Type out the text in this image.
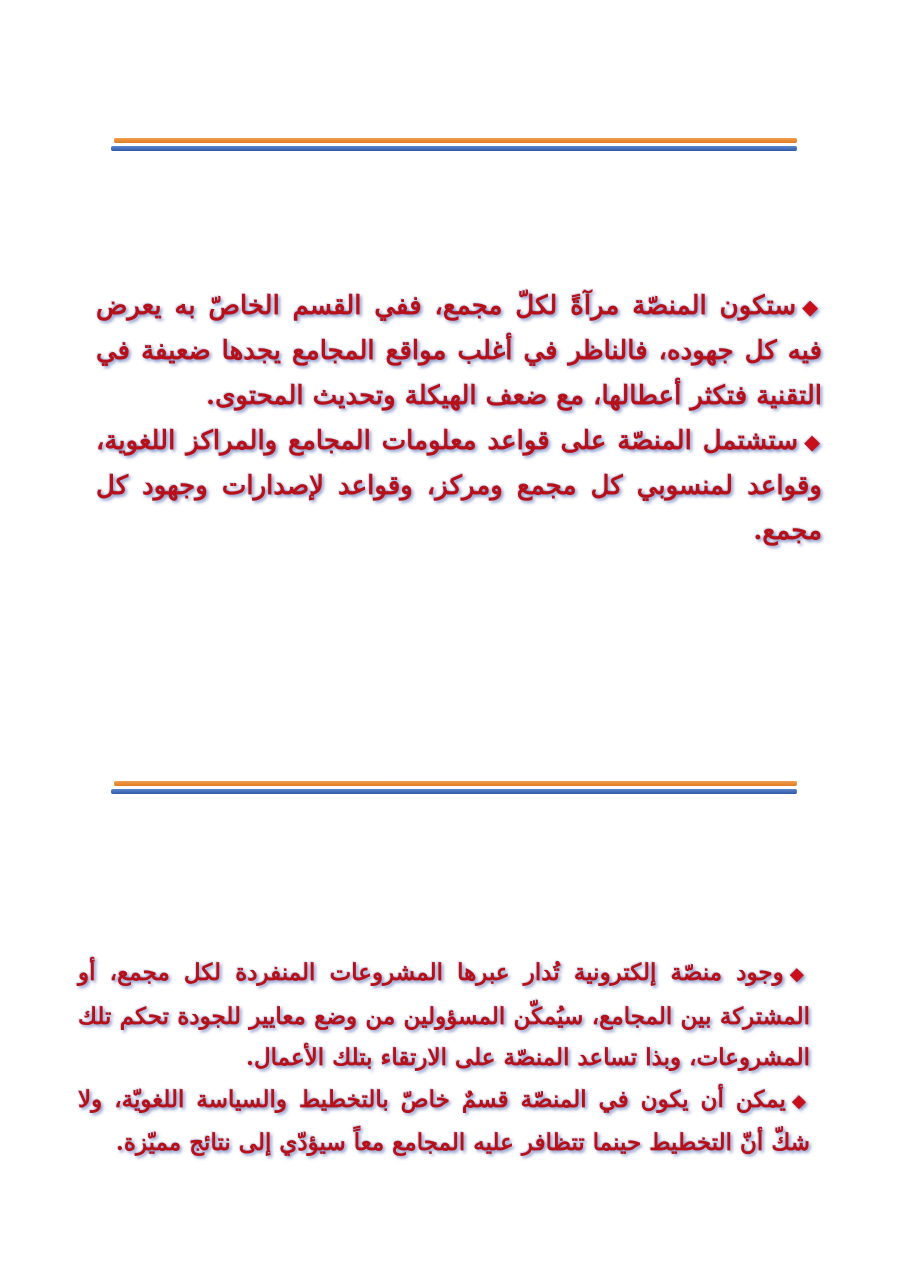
◆ستكون المنصّة مرآةً لكلّ مجمع، ففي القسم الخاصّ به يعرض فيه كل جهوده، فالناظر في أغلب مواقع المجامع يجدها ضعيفة في التقنية فتكثر أعطالها، مع ضعف الهيكلة وتحديث المحتوى.

◆ستشتمل المنصّة على قواعد معلومات المجامع والمراكز اللغوية، وقواعد لمنسوبي كل مجمع ومركز، وقواعد لإصدارات وجهود كل مجمع.

◆وجود منصّة إلكترونية تُدار عبرها المشروعات المنفردة لكل مجمع، أو المشتركة بين المجامع، سيُمكّن المسؤولين من وضع معايير للجودة تحكم تلك المشروعات، وبذا تساعد المنصّة على الارتقاء بتلك الأعمال.

◆يمكن أن يكون في المنصّة قسمٌ خاصّ بالتخطيط والسياسة اللغويّة، ولا شكّ أنّ التخطيط حينما تتظافر عليه المجامع معاً سيؤدّي إلى نتائج مميّزة.
